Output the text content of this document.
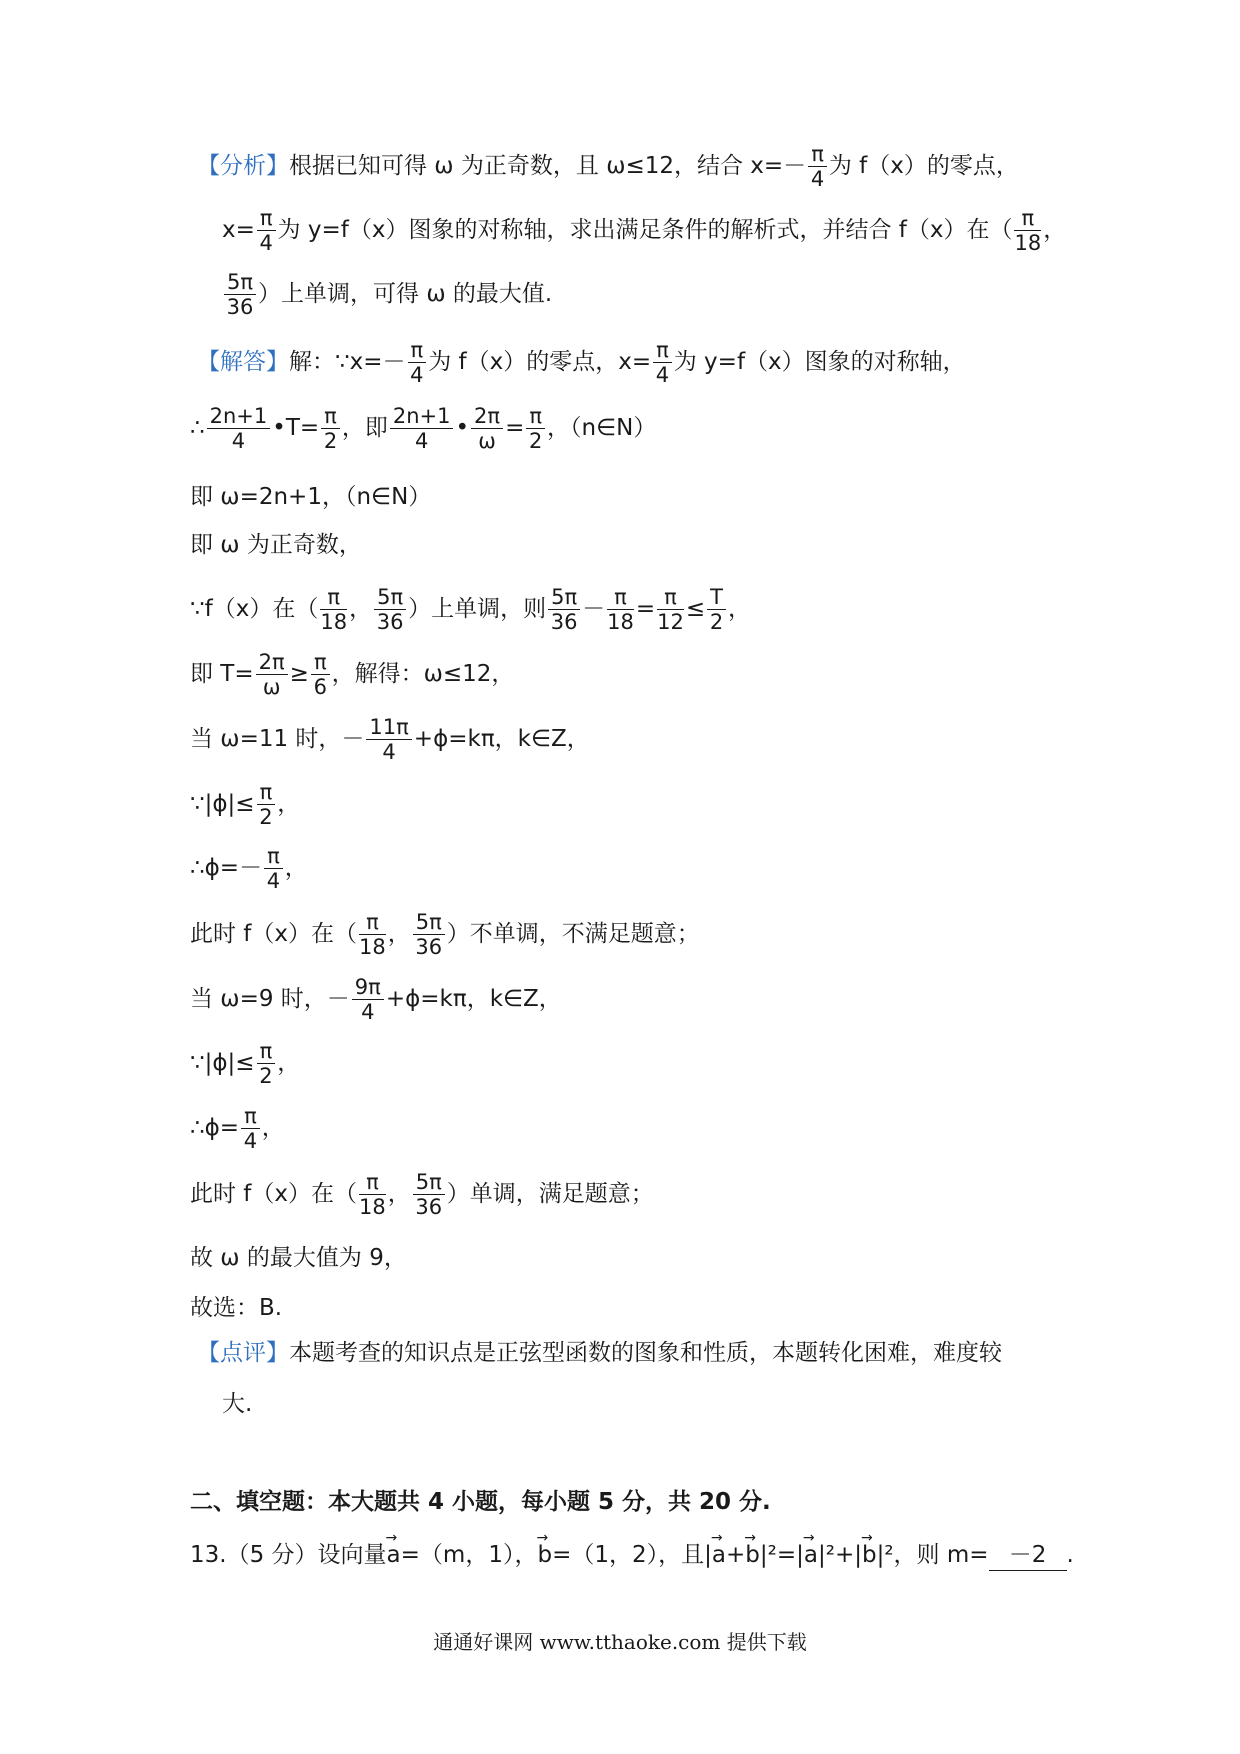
【分析】根据已知可得 ω 为正奇数，且 ω≤12，结合 $x=- \frac{\pi}{4}$ 为 f（x）的零点，
$x= \frac{\pi}{4}$ 为 y=f（x）图象的对称轴，求出满足条件的解析式，并结合 f（x）在（ $\frac{\pi}{18}$ ，
$\frac{5\pi}{36}$ ）上单调，可得 ω 的最大值.
【解答】解：∵x=－ $\frac{\pi}{4}$ 为 f（x）的零点，$x= \frac{\pi}{4}$ 为 y=f（x）图象的对称轴，
∴ $\frac{2n+1}{4}$ •T= $\frac{\pi}{2}$ ，即 $\frac{2n+1}{4}$ • $\frac{2\pi}{\omega} = \frac{\pi}{2}$ ，（n∈N）
即 ω=2n+1，（n∈N）
即 ω 为正奇数，
∵f（x）在（ $\frac{\pi}{18}$ ， $\frac{5\pi}{36}$ ）上单调，则 $\frac{5\pi}{36} - \frac{\pi}{18} = \frac{\pi}{12} \le \frac{T}{2}$ ，
即 $T= \frac{2\pi}{\omega} \ge \frac{\pi}{6}$ ，解得：ω≤12，
当 ω=11 时，－ $\frac{11\pi}{4} +\phi=k\pi$，k∈Z，
∵|ϕ|≤ $\frac{\pi}{2}$ ，
∴ϕ=－ $\frac{\pi}{4}$ ，
此时 f（x）在（ $\frac{\pi}{18}$ ， $\frac{5\pi}{36}$ ）不单调，不满足题意；
当 ω=9 时，－ $\frac{9\pi}{4} +\phi=k\pi$，k∈Z，
∵|ϕ|≤ $\frac{\pi}{2}$ ，
∴ϕ= $\frac{\pi}{4}$ ，
此时 f（x）在（ $\frac{\pi}{18}$ ， $\frac{5\pi}{36}$ ）单调，满足题意；
故 ω 的最大值为 9，
故选：B.
【点评】本题考查的知识点是正弦型函数的图象和性质，本题转化困难，难度较
大.
二、填空题：本大题共 4 小题，每小题 5 分，共 20 分.
13.（5 分）设向量→ a=（m，1），→ b=（1，2），且|→ a+→ b|²=|→ a|²+|→ b|²，则 m= －2 .
通通好课网 www.tthaoke.com 提供下载
